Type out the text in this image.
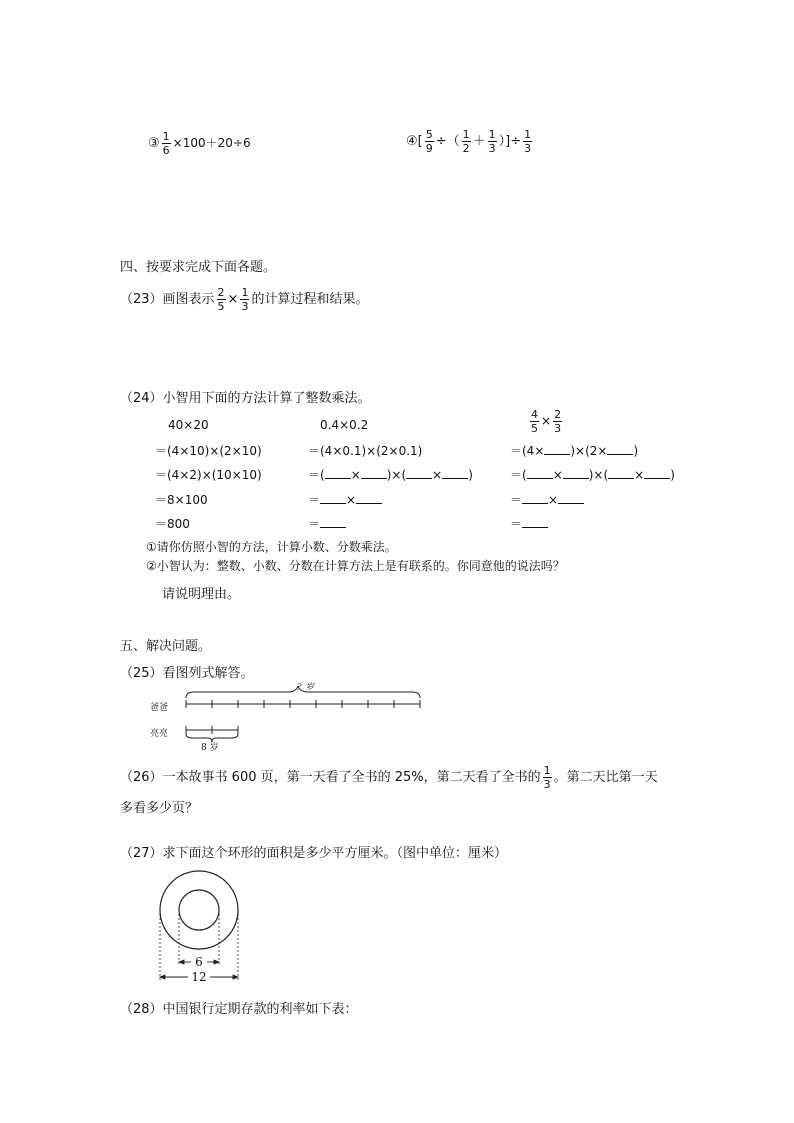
③ $\frac{1}{6} \times 100+20\div 6$	④[ $\frac{5}{9}$ ÷（ $\frac{1}{2} + \frac{1}{3}$ ）]÷ $\frac{1}{3}$
四、按要求完成下面各题。
（23）画图表示 $\frac{2}{5} \times \frac{1}{3}$ 的计算过程和结果。
（24）小智用下面的方法计算了整数乘法。
40×20
＝(4×10)×(2×10)
＝(4×2)×(10×10)
＝8×100
＝800
0.4×0.2
＝(4×0.1)×(2×0.1)
＝( × )×( × )
＝ ×
＝
$\frac{4}{5} \times \frac{2}{3}$
＝(4× )×(2× )
＝( × )×( × )
＝ ×
＝
①请你仿照小智的方法，计算小数、分数乘法。
②小智认为：整数、小数、分数在计算方法上是有联系的。你同意他的说法吗？
请说明理由。
五、解决问题。
（25）看图列式解答。
爸爸
亮亮
？岁
8 岁
（26）一本故事书 600 页，第一天看了全书的 25%，第二天看了全书的 $\frac{1}{3}$ 。第二天比第一天
多看多少页？
（27）求下面这个环形的面积是多少平方厘米。（图中单位：厘米）
6
12
（28）中国银行定期存款的利率如下表：
